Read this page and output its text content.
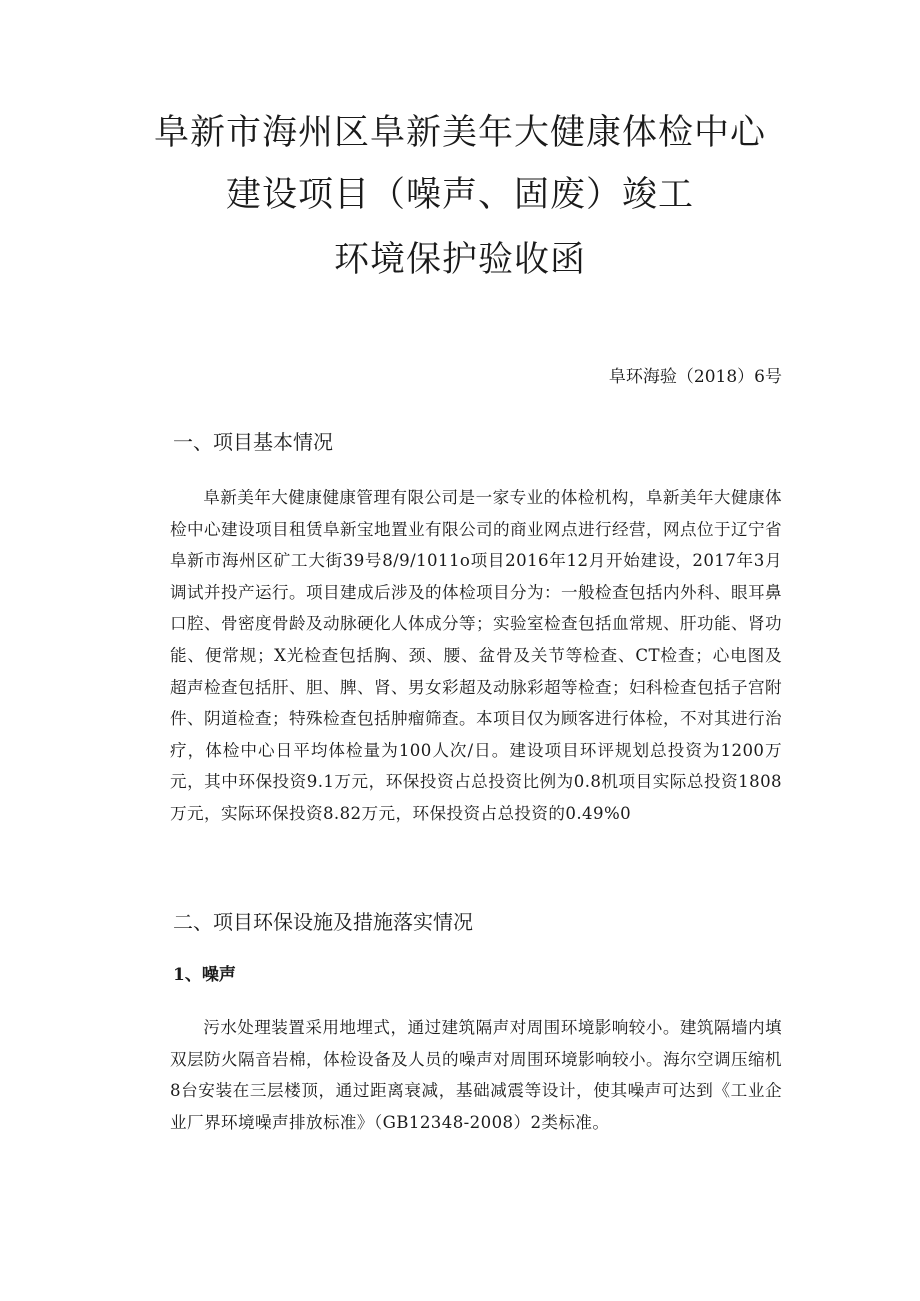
阜新市海州区阜新美年大健康体检中心
建设项目（噪声、固废）竣工
环境保护验收函
阜环海验（2018）6号
一、项目基本情况

阜新美年大健康健康管理有限公司是一家专业的体检机构，阜新美年大健康体检中心建设项目租赁阜新宝地置业有限公司的商业网点进行经营，网点位于辽宁省阜新市海州区矿工大街39号8/9/1011o项目2016年12月开始建设，2017年3月调试并投产运行。项目建成后涉及的体检项目分为：一般检查包括内外科、眼耳鼻口腔、骨密度骨龄及动脉硬化人体成分等；实验室检查包括血常规、肝功能、肾功能、便常规；X光检查包括胸、颈、腰、盆骨及关节等检查、CT检查；心电图及超声检查包括肝、胆、脾、肾、男女彩超及动脉彩超等检查；妇科检查包括子宫附件、阴道检查；特殊检查包括肿瘤筛查。本项目仅为顾客进行体检，不对其进行治疗，体检中心日平均体检量为100人次/日。建设项目环评规划总投资为1200万元，其中环保投资9.1万元，环保投资占总投资比例为0.8机项目实际总投资1808万元，实际环保投资8.82万元，环保投资占总投资的0.49%0

二、项目环保设施及措施落实情况
1、噪声

污水处理装置采用地埋式，通过建筑隔声对周围环境影响较小。建筑隔墙内填双层防火隔音岩棉，体检设备及人员的噪声对周围环境影响较小。海尔空调压缩机8台安装在三层楼顶，通过距离衰减，基础减震等设计，使其噪声可达到《工业企业厂界环境噪声排放标准》（GB12348-2008）2类标准。
